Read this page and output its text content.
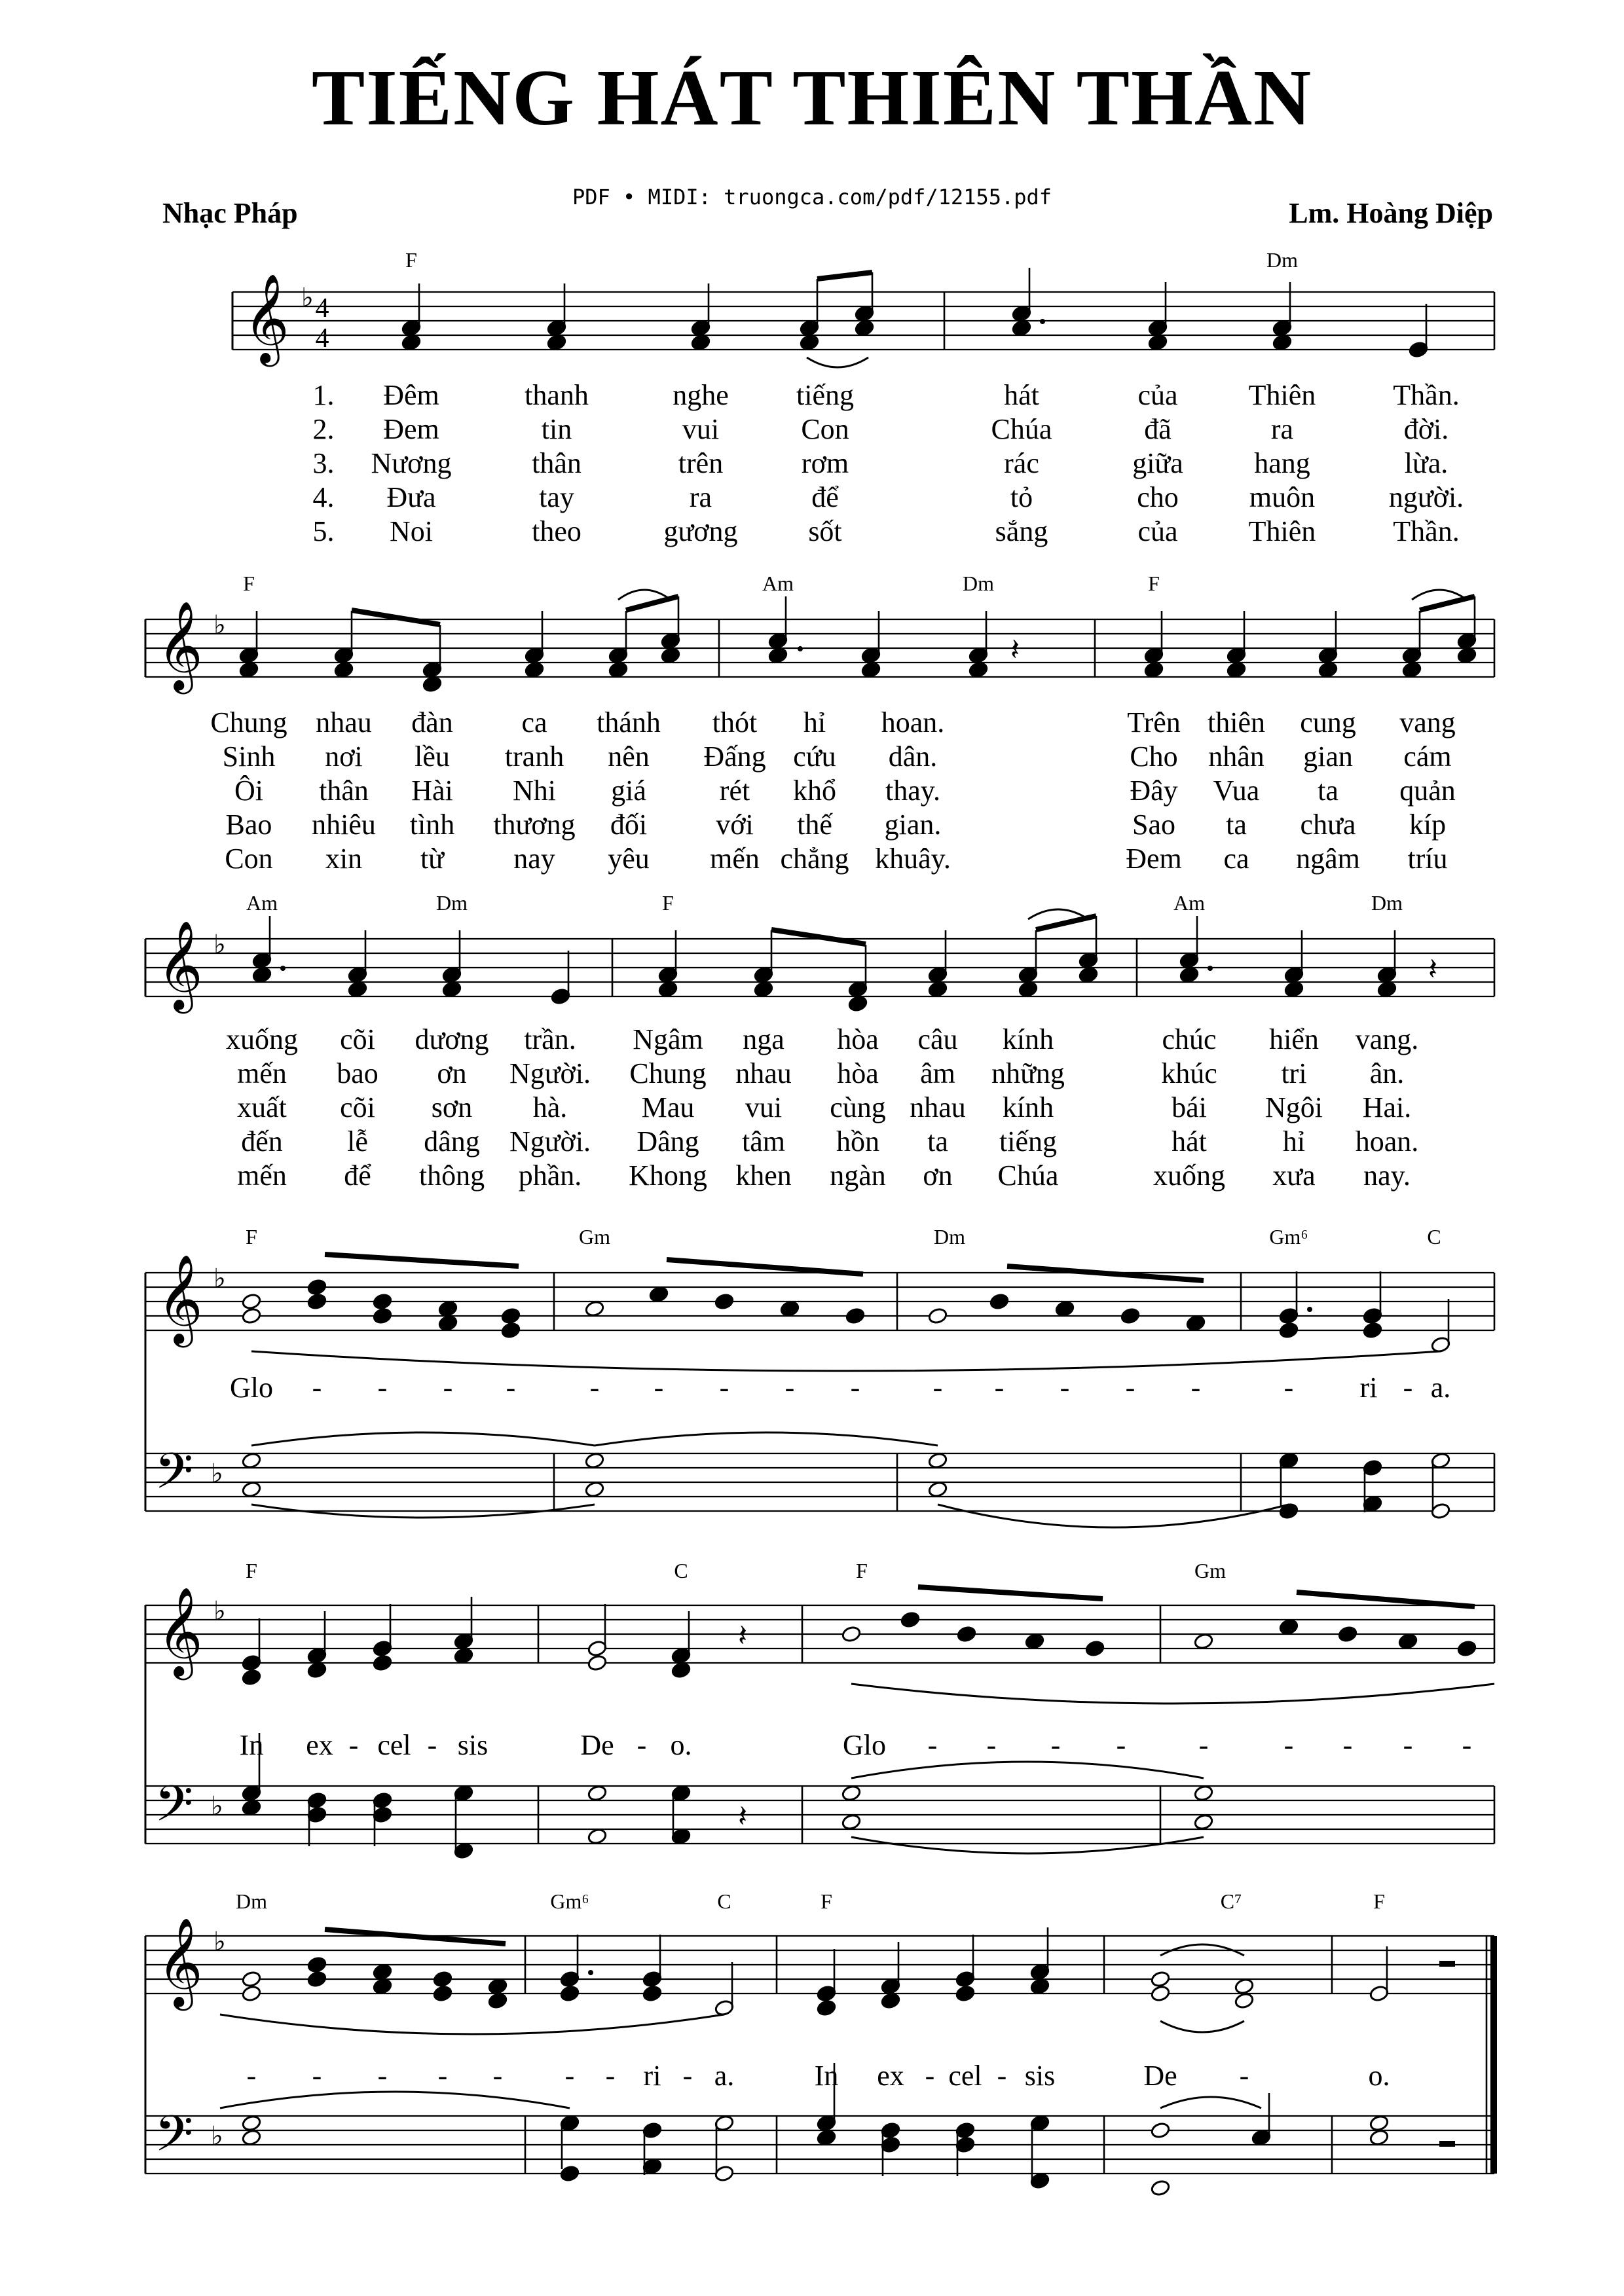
TIẾNG HÁT THIÊN THẦN
PDF • MIDI: truongca.com/pdf/12155.pdf
Nhạc Pháp	Lm. Hoàng Diệp
𝄞 ♭ 4
4
F	Dm
1.
2.
3.
4.
5.
Đêm	thanh	nghe tiếng	hát	của Thiên	Thần.
Đem	tin	vui	Con	Chúa	đã	ra	đời.
Nương	thân	trên	rơm	rác	giữa hang	lừa.
Đưa	tay	ra	để	tỏ	cho muôn	người.
Noi	theo	gương sốt	sắng	của Thiên	Thần.
𝄞 ♭
𝄽
F	Am	Dm	F
Chung nhau đàn ca thánh thót hỉ hoan.	Trên thiên cung vang
Sinh nơi lều tranh nên Đấng cứu dân.	Cho nhân gian cám
Ôi thân Hài Nhi giá	rét khổ thay.	Đây Vua ta quản
Bao nhiêu tình thương đối với thế gian.	Sao ta chưa kíp
Con xin từ nay yêu mến chẳng khuây.	Đem ca ngâm tríu
𝄞 ♭
𝄽
Am	Dm	F	Am	Dm
xuống cõi dương trần. Ngâm nga hòa câu kính	chúc hiển vang.
mến bao ơn Người. Chung nhau hòa âm những	khúc tri ân.
xuất cõi sơn hà.	Mau vui cùng nhau kính	bái Ngôi Hai.
đến lễ dâng Người. Dâng tâm hồn ta tiếng	hát	hỉ hoan.
mến để thông phần. Khong khen ngàn ơn Chúa	xuống xưa nay.
𝄞 ♭
𝄢 ♭
F	Gm	Dm	Gm⁶	C
Glo - - - -	- - - - -	- - - - -	- ri - a.
𝄞 ♭
𝄢 ♭
𝄽
𝄽
F	C	F	Gm
In ex - cel - sis	De - o.	Glo - - - -	-	- - - -
𝄞 ♭
𝄢 ♭
Dm	Gm⁶	C	F	C⁷	F
- - - - - - - ri - a.	In ex - cel - sis	De -	o.
